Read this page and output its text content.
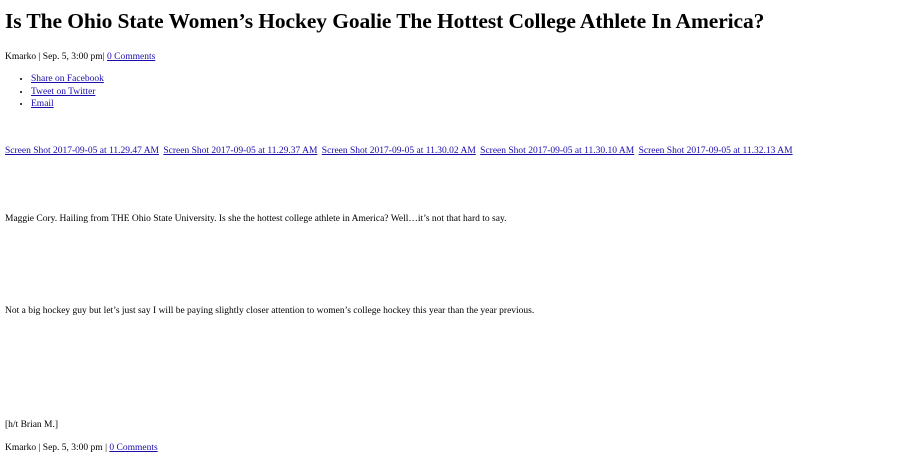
Is The Ohio State Women’s Hockey Goalie The Hottest College Athlete In America?
Kmarko | Sep. 5, 3:00 pm| 0 Comments
• Share on Facebook
• Tweet on Twitter
• Email
Screen Shot 2017-09-05 at 11.29.47 AM Screen Shot 2017-09-05 at 11.29.37 AM Screen Shot 2017-09-05 at 11.30.02 AM Screen Shot 2017-09-05 at 11.30.10 AM Screen Shot 2017-09-05 at 11.32.13 AM

Maggie Cory. Hailing from THE Ohio State University. Is she the hottest college athlete in America? Well…it’s not that hard to say.

Not a big hockey guy but let’s just say I will be paying slightly closer attention to women’s college hockey this year than the year previous.

[h/t Brian M.]

Kmarko | Sep. 5, 3:00 pm | 0 Comments
